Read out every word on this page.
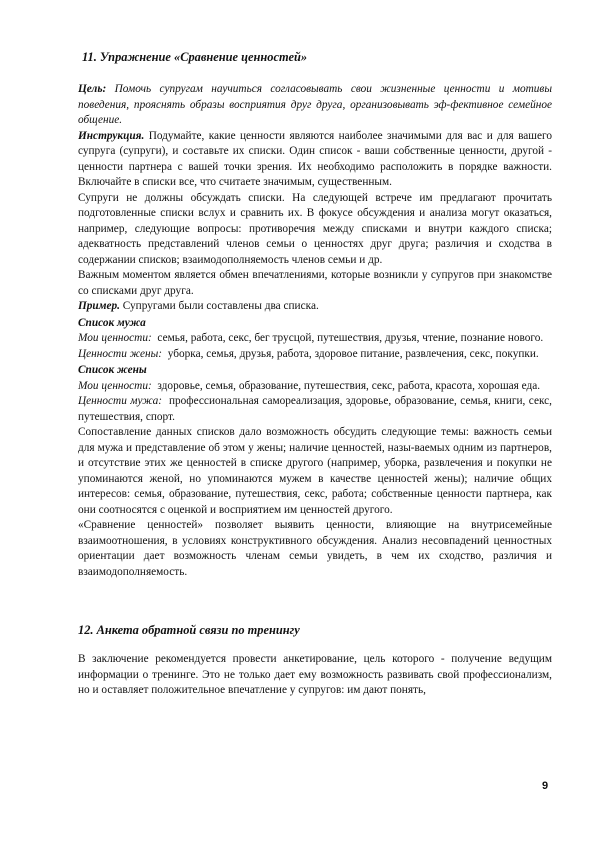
11. Упражнение «Сравнение ценностей»

Цель: Помочь супругам научиться согласовывать свои жизненные ценности и мотивы поведения, прояснять образы восприятия друг друга, организовывать эф-фективное семейное общение.

Инструкция. Подумайте, какие ценности являются наиболее значимыми для вас и для вашего супруга (супруги), и составьте их списки. Один список - ваши собственные ценности, другой - ценности партнера с вашей точки зрения. Их необходимо расположить в порядке важности. Включайте в списки все, что считаете значимым, существенным.

Супруги не должны обсуждать списки. На следующей встрече им предлагают прочитать подготовленные списки вслух и сравнить их. В фокусе обсуждения и анализа могут оказаться, например, следующие вопросы: противоречия между списками и внутри каждого списка; адекватность представлений членов семьи о ценностях друг друга; различия и сходства в содержании списков; взаимодополняемость членов семьи и др.

Важным моментом является обмен впечатлениями, которые возникли у супругов при знакомстве со списками друг друга.

Пример. Супругами были составлены два списка.

Список мужа

Мои ценности: семья, работа, секс, бег трусцой, путешествия, друзья, чтение, познание нового.

Ценности жены: уборка, семья, друзья, работа, здоровое питание, развлечения, секс, покупки.

Список жены

Мои ценности: здоровье, семья, образование, путешествия, секс, работа, красота, хорошая еда.

Ценности мужа: профессиональная самореализация, здоровье, образование, семья, книги, секс, путешествия, спорт.

Сопоставление данных списков дало возможность обсудить следующие темы: важность семьи для мужа и представление об этом у жены; наличие ценностей, назы-ваемых одним из партнеров, и отсутствие этих же ценностей в списке другого (например, уборка, развлечения и покупки не упоминаются женой, но упоминаются мужем в качестве ценностей жены); наличие общих интересов: семья, образование, путешествия, секс, работа; собственные ценности партнера, как они соотносятся с оценкой и восприятием им ценностей другого.

«Сравнение ценностей» позволяет выявить ценности, влияющие на внутрисемейные взаимоотношения, в условиях конструктивного обсуждения. Анализ несовпадений ценностных ориентации дает возможность членам семьи увидеть, в чем их сходство, различия и взаимодополняемость.

12. Анкета обратной связи по тренингу

В заключение рекомендуется провести анкетирование, цель которого - получение ведущим информации о тренинге. Это не только дает ему возможность развивать свой профессионализм, но и оставляет положительное впечатление у супругов: им дают понять,

9
